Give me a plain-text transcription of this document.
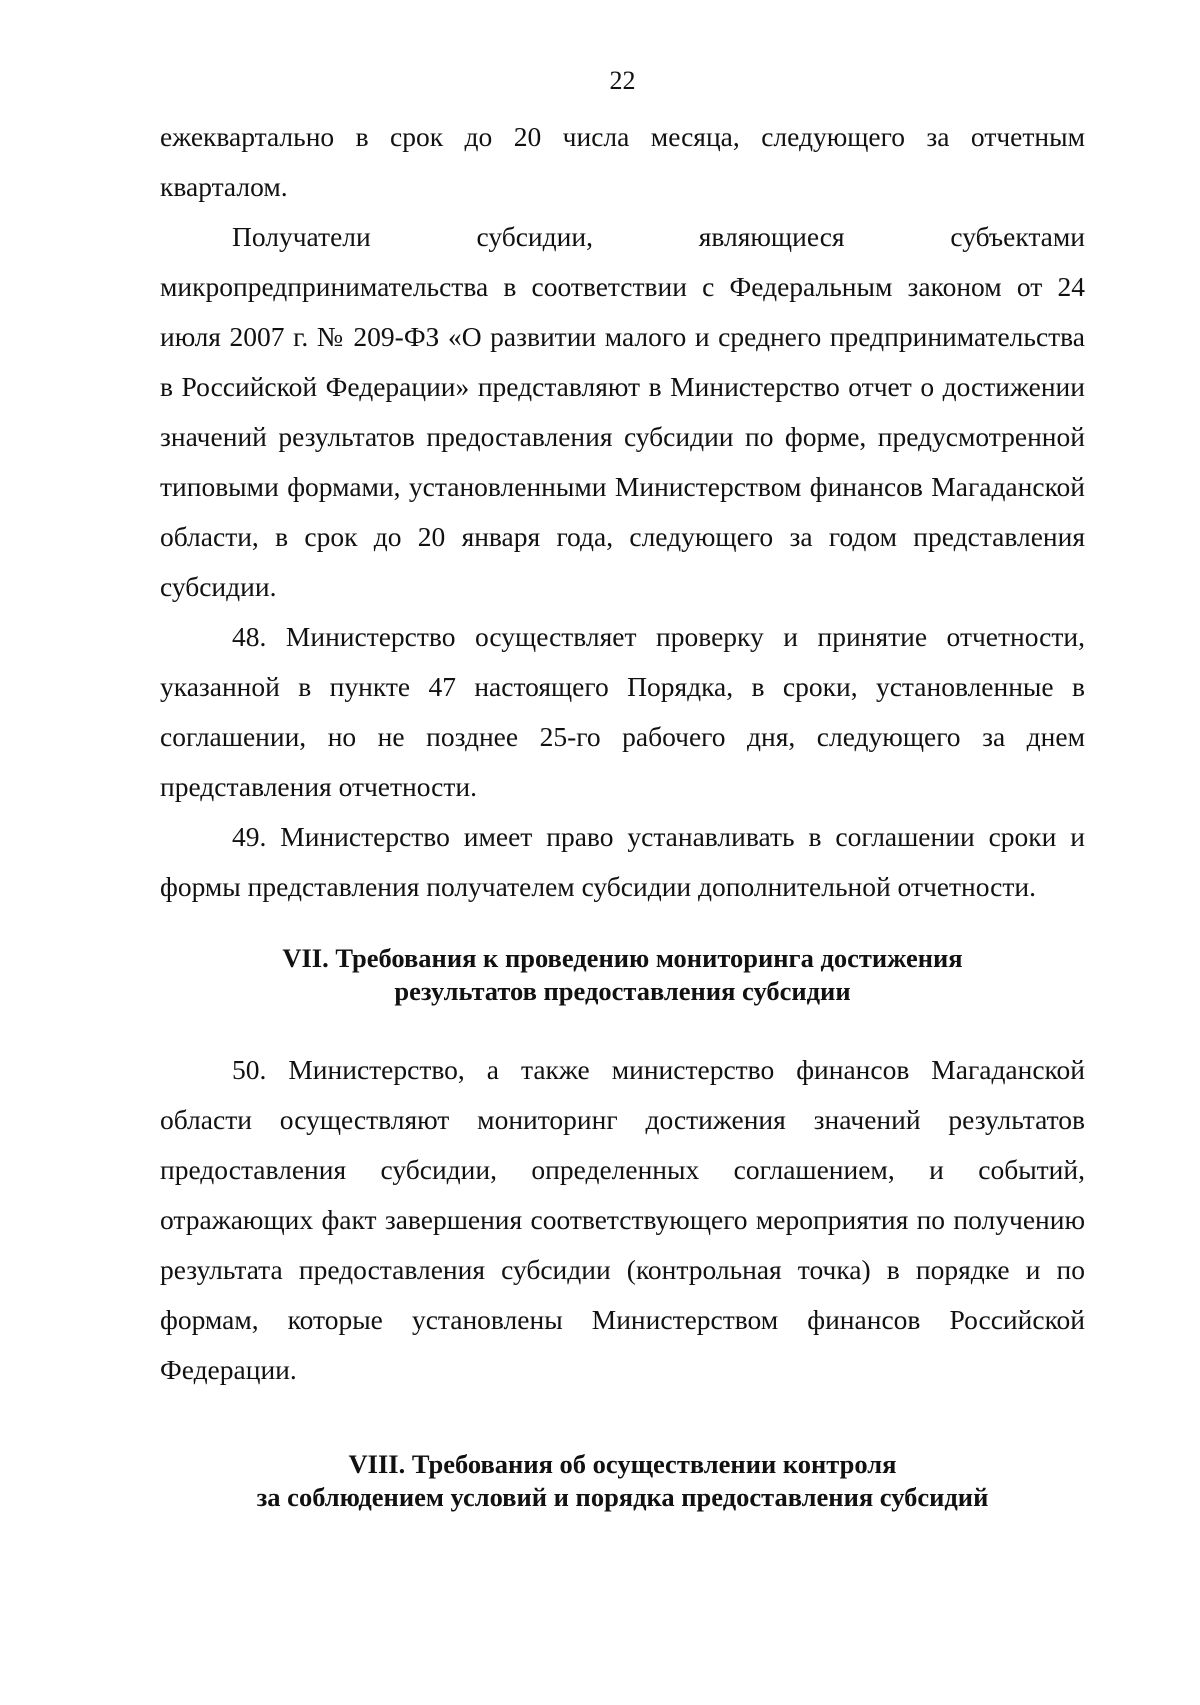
22

ежеквартально в срок до 20 числа месяца, следующего за отчетным кварталом.

Получатели субсидии, являющиеся субъектами микропредпринимательства в соответствии с Федеральным законом от 24 июля 2007 г. № 209-ФЗ «О развитии малого и среднего предпринимательства в Российской Федерации» представляют в Министерство отчет о достижении значений результатов предоставления субсидии по форме, предусмотренной типовыми формами, установленными Министерством финансов Магаданской области, в срок до 20 января года, следующего за годом представления субсидии.

48. Министерство осуществляет проверку и принятие отчетности, указанной в пункте 47 настоящего Порядка, в сроки, установленные в соглашении, но не позднее 25-го рабочего дня, следующего за днем представления отчетности.

49. Министерство имеет право устанавливать в соглашении сроки и формы представления получателем субсидии дополнительной отчетности.

VII. Требования к проведению мониторинга достижения
результатов предоставления субсидии

50. Министерство, а также министерство финансов Магаданской области осуществляют мониторинг достижения значений результатов предоставления субсидии, определенных соглашением, и событий, отражающих факт завершения соответствующего мероприятия по получению результата предоставления субсидии (контрольная точка) в порядке и по формам, которые установлены Министерством финансов Российской Федерации.

VIII. Требования об осуществлении контроля
за соблюдением условий и порядка предоставления субсидий
